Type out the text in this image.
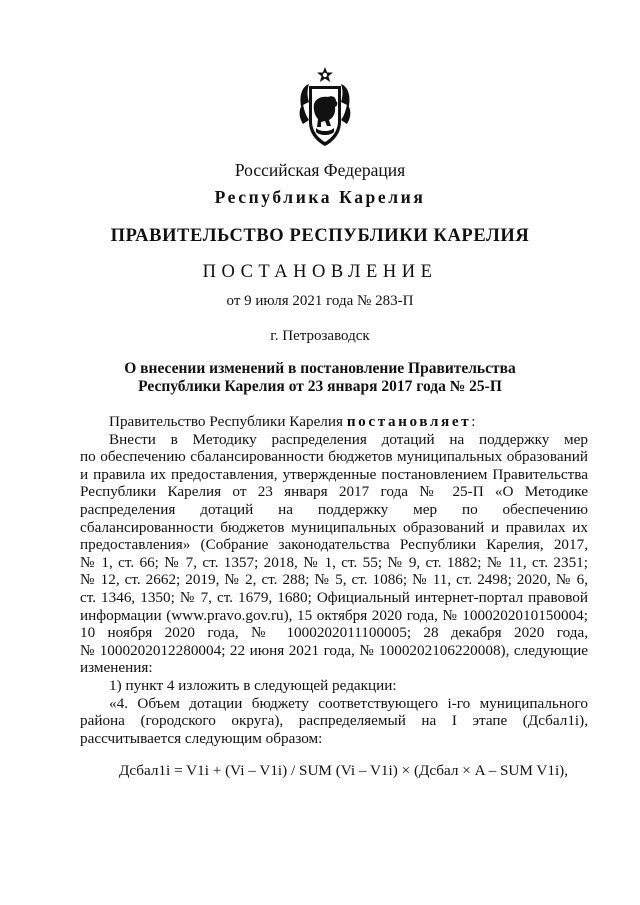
Российская Федерация
Республика Карелия
ПРАВИТЕЛЬСТВО РЕСПУБЛИКИ КАРЕЛИЯ
ПОСТАНОВЛЕНИЕ
от 9 июля 2021 года № 283-П
г. Петрозаводск
О внесении изменений в постановление Правительства
Республики Карелия от 23 января 2017 года № 25-П

Правительство Республики Карелия постановляет:

Внести в Методику распределения дотаций на поддержку мер

по обеспечению сбалансированности бюджетов муниципальных образований

и правила их предоставления, утвержденные постановлением Правительства

Республики Карелия от 23 января 2017 года № 25-П «О Методике

распределения дотаций на поддержку мер по обеспечению

сбалансированности бюджетов муниципальных образований и правилах их

предоставления» (Собрание законодательства Республики Карелия, 2017,

№ 1, ст. 66; № 7, ст. 1357; 2018, № 1, ст. 55; № 9, ст. 1882; № 11, ст. 2351;

№ 12, ст. 2662; 2019, № 2, ст. 288; № 5, ст. 1086; № 11, ст. 2498; 2020, № 6,

ст. 1346, 1350; № 7, ст. 1679, 1680; Официальный интернет-портал правовой

информации (www.pravo.gov.ru), 15 октября 2020 года, № 1000202010150004;

10 ноября 2020 года, № 1000202011100005; 28 декабря 2020 года,

№ 1000202012280004; 22 июня 2021 года, № 1000202106220008), следующие

изменения:

1) пункт 4 изложить в следующей редакции:

«4. Объем дотации бюджету соответствующего i-го муниципального

района (городского округа), распределяемый на I этапе (Дсбал1i),

рассчитывается следующим образом:

Дсбал1i = V1i + (Vi – V1i) / SUM (Vi – V1i) × (Дсбал × A – SUM V1i),
